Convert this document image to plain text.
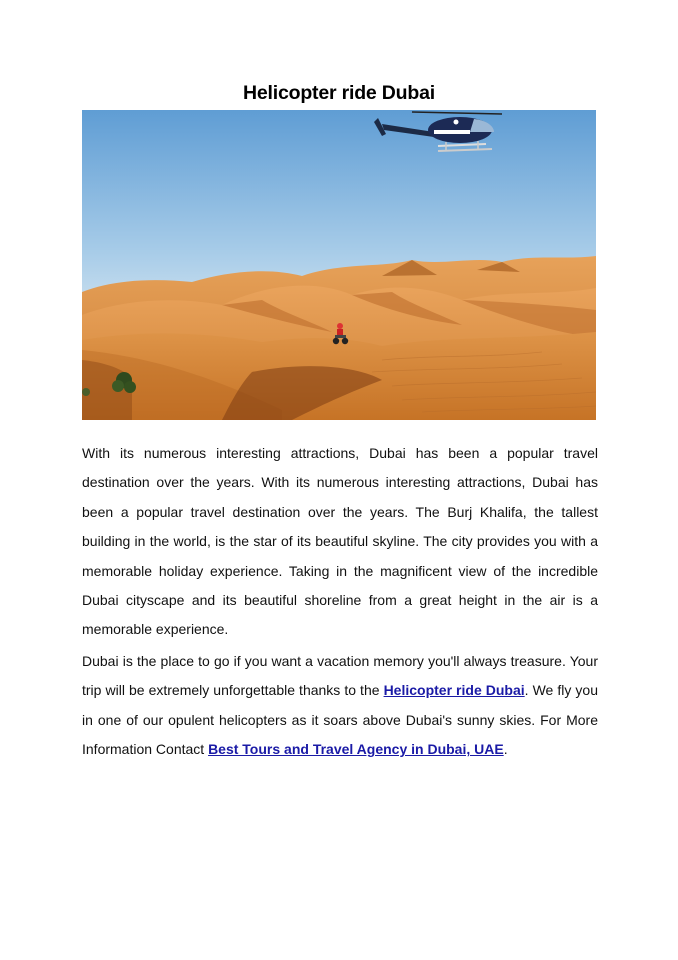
Helicopter ride Dubai

With its numerous interesting attractions, Dubai has been a popular travel destination over the years. With its numerous interesting attractions, Dubai has been a popular travel destination over the years. The Burj Khalifa, the tallest building in the world, is the star of its beautiful skyline. The city provides you with a memorable holiday experience. Taking in the magnificent view of the incredible Dubai cityscape and its beautiful shoreline from a great height in the air is a memorable experience.

Dubai is the place to go if you want a vacation memory you'll always treasure. Your trip will be extremely unforgettable thanks to the Helicopter ride Dubai. We fly you in one of our opulent helicopters as it soars above Dubai's sunny skies. For More Information Contact Best Tours and Travel Agency in Dubai, UAE.
